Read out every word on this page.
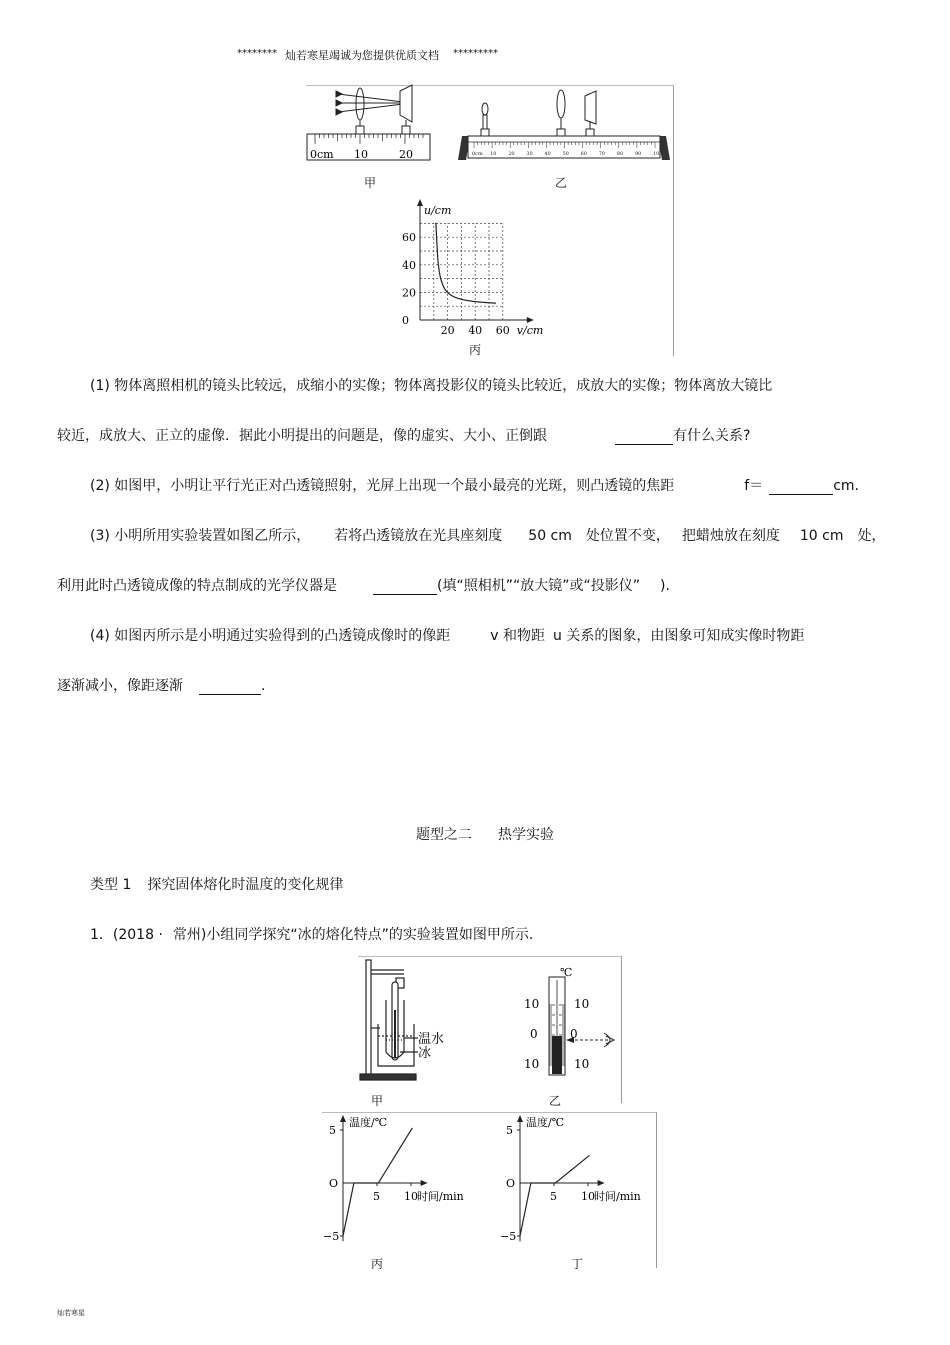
******** 灿若寒星竭诚为您提供优质文档 *********
0cm 10	20	0cm 10 20 30 40 50 60 70 80 90 100
60
40
20
0
20 40 60
u/cm
v/cm
甲	乙
丙
(1) 物体离照相机的镜头比较远，成缩小的实像；物体离投影仪的镜头比较近，成放大的实像；物体离放大镜比
较近，成放大、正立的虚像．据此小明提出的问题是，像的虚实、大小、正倒跟	有什么关系?
(2) 如图甲，小明让平行光正对凸透镜照射，光屏上出现一个最小最亮的光斑，则凸透镜的焦距	f＝	cm.
(3) 小明所用实验装置如图乙所示， 若将凸透镜放在光具座刻度 50 cm 处位置不变， 把蜡烛放在刻度 10 cm 处，
利用此时凸透镜成像的特点制成的光学仪器是	(填“照相机”“放大镜”或“投影仪” ).
(4) 如图丙所示是小明通过实验得到的凸透镜成像时的像距	v 和物距 u 关系的图象，由图象可知成实像时物距
逐渐减小，像距逐渐	.
题型之二 热学实验
类型 1 探究固体熔化时温度的变化规律
1．(2018 · 常州)小组同学探究“冰的熔化特点”的实验装置如图甲所示.
温水
冰
℃
10
0
10
10
0
10
5
O
−5
5 10
温度/℃
时间/min
5
O
−5
5 10
温度/℃
时间/min
甲	乙
丙	丁
灿若寒星
